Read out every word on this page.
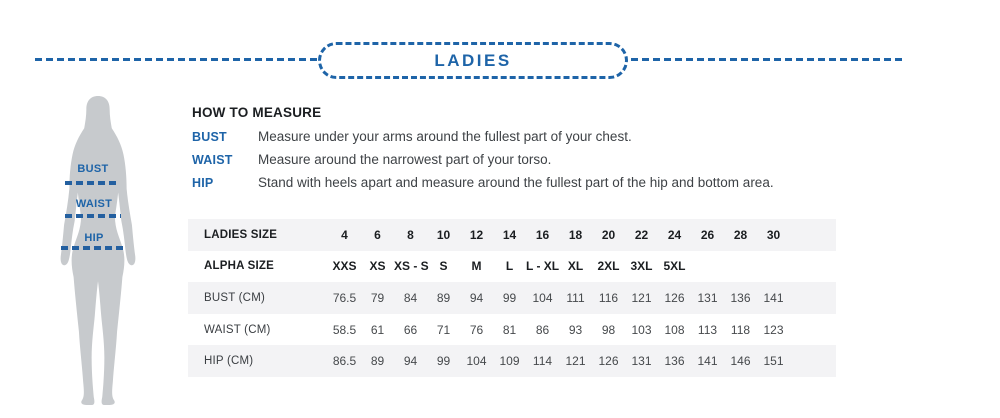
LADIES
BUST
WAIST
HIP
HOW TO MEASURE
BUST	Measure under your arms around the fullest part of your chest.
WAIST	Measure around the narrowest part of your torso.
HIP	Stand with heels apart and measure around the fullest part of the hip and bottom area.
LADIES SIZE	4	6	8	10	12	14	16	18	20	22	24	26	28	30	
ALPHA SIZE	XXS	XS	XS - S	S	M	L	L - XL	XL	2XL	3XL	5XL				
BUST (CM)	76.5	79	84	89	94	99	104	111	116	121	126	131	136	141	
WAIST (CM)	58.5	61	66	71	76	81	86	93	98	103	108	113	118	123	
HIP (CM)	86.5	89	94	99	104	109	114	121	126	131	136	141	146	151	
